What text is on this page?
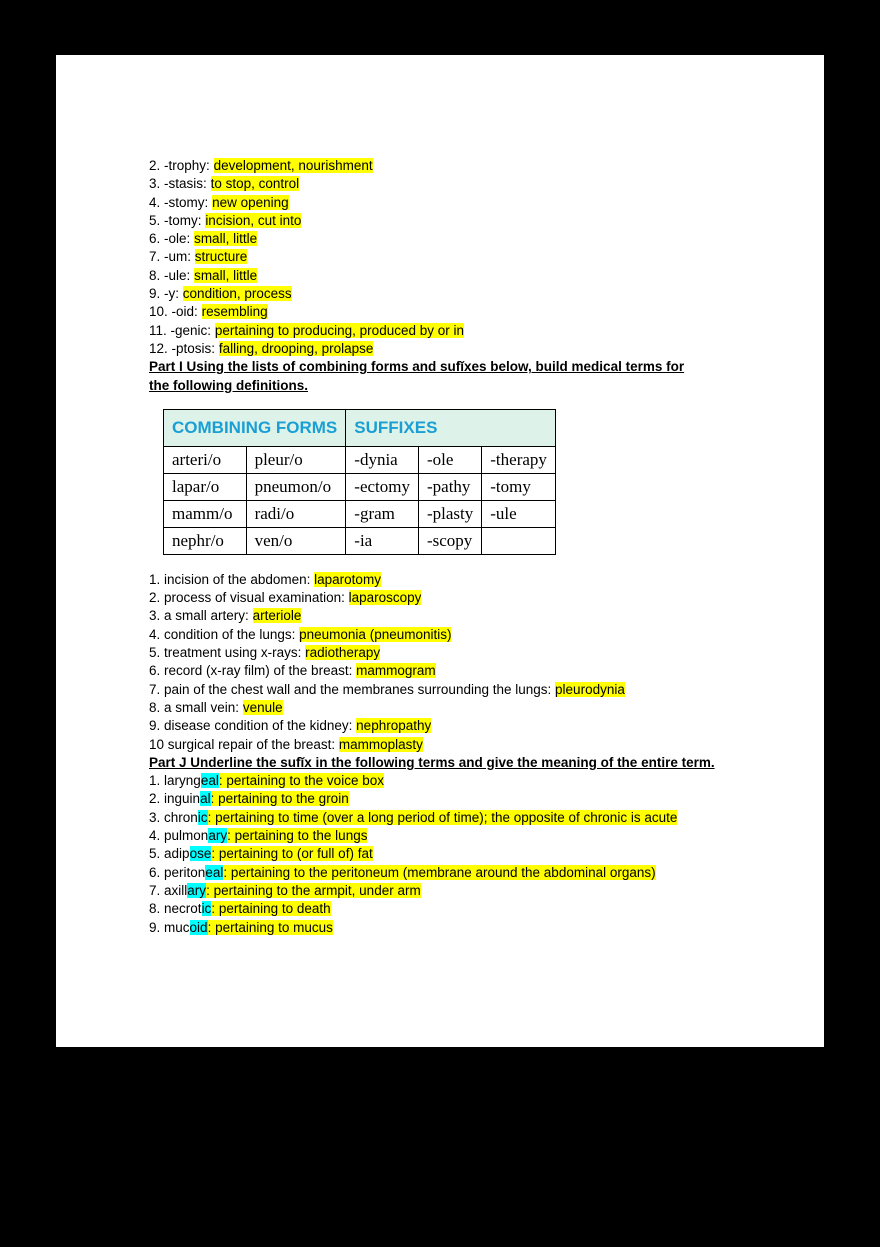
2. -trophy: development, nourishment
3. -stasis: to stop, control
4. -stomy: new opening
5. -tomy: incision, cut into
6. -ole: small, little
7. -um: structure
8. -ule: small, little
9. -y: condition, process
10. -oid: resembling
11. -genic: pertaining to producing, produced by or in
12. -ptosis: falling, drooping, prolapse
Part I Using the lists of combining forms and sufĭxes below, build medical terms for the following definitions.
COMBINING FORMS		SUFFIXES		
arteri/o	pleur/o	-dynia	-ole	-therapy
lapar/o	pneumon/o	-ectomy	-pathy	-tomy
mamm/o	radi/o	-gram	-plasty	-ule
nephr/o	ven/o	-ia	-scopy	
1. incision of the abdomen: laparotomy
2. process of visual examination: laparoscopy
3. a small artery: arteriole
4. condition of the lungs: pneumonia (pneumonitis)
5. treatment using x-rays: radiotherapy
6. record (x-ray film) of the breast: mammogram
7. pain of the chest wall and the membranes surrounding the lungs: pleurodynia
8. a small vein: venule
9. disease condition of the kidney: nephropathy
10 surgical repair of the breast: mammoplasty
Part J Underline the sufĭx in the following terms and give the meaning of the entire term.
1. laryngeal: pertaining to the voice box
2. inguinal: pertaining to the groin
3. chronic: pertaining to time (over a long period of time); the opposite of chronic is acute
4. pulmonary: pertaining to the lungs
5. adipose: pertaining to (or full of) fat
6. peritoneal: pertaining to the peritoneum (membrane around the abdominal organs)
7. axillary: pertaining to the armpit, under arm
8. necrotic: pertaining to death
9. mucoid: pertaining to mucus
